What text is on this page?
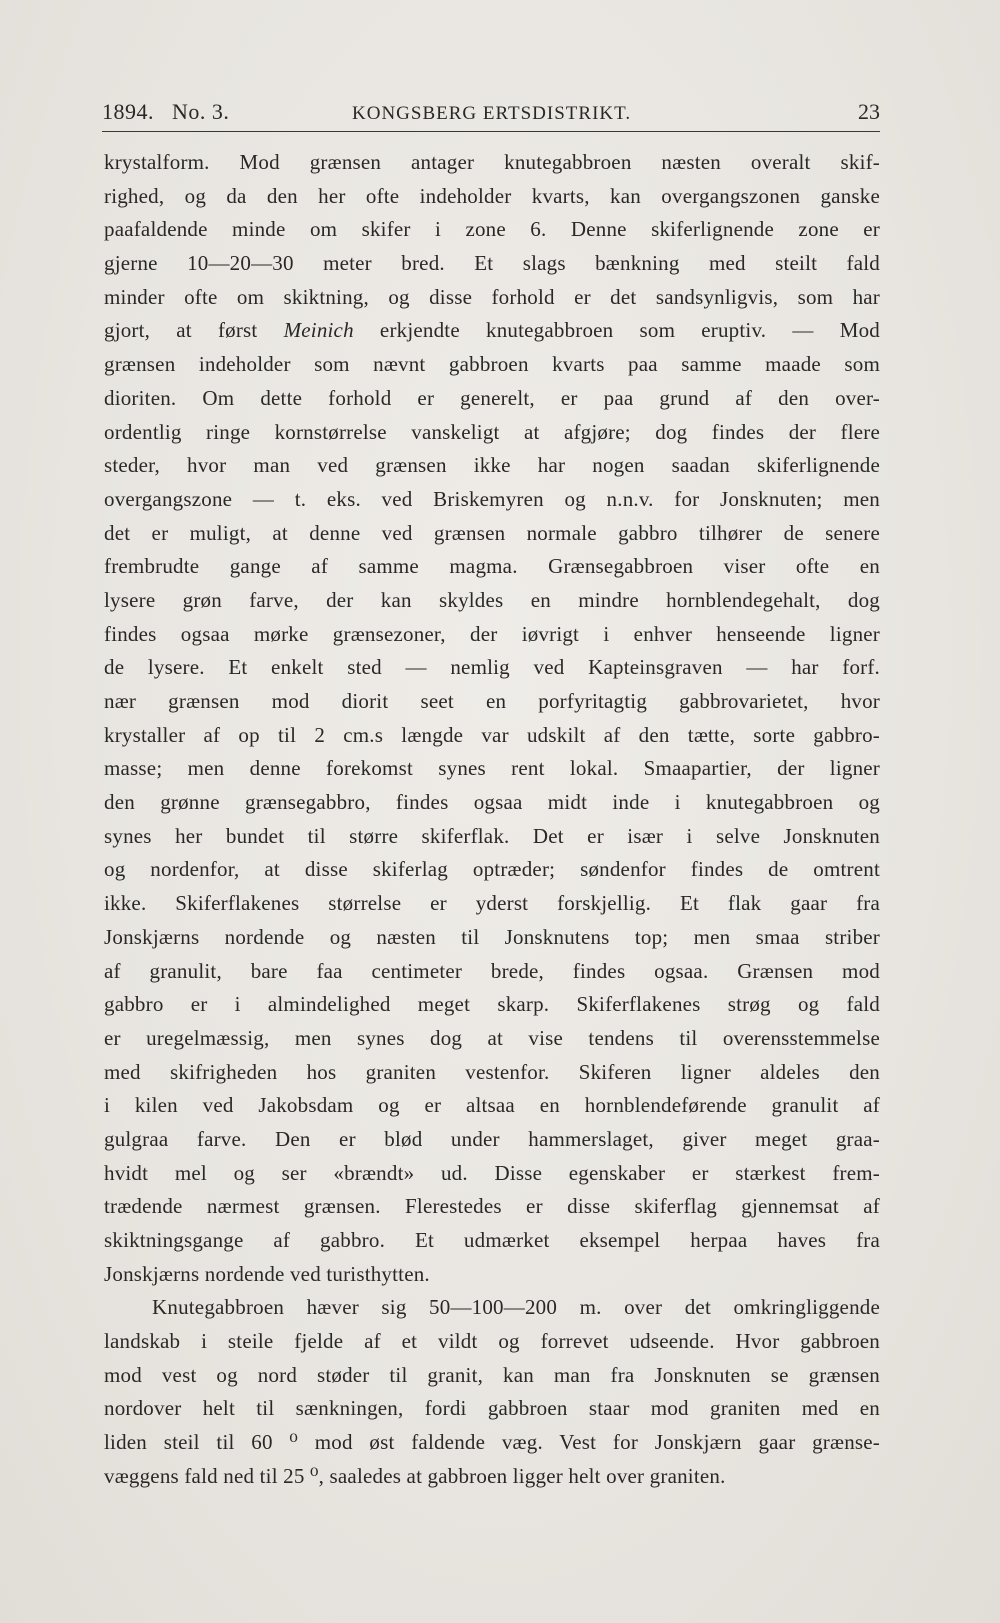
1894. No. 3.	KONGSBERG ERTSDISTRIKT.	23
krystalform. Mod grænsen antager knutegabbroen næsten overalt skif-
righed, og da den her ofte indeholder kvarts, kan overgangszonen ganske
paafaldende minde om skifer i zone 6. Denne skiferlignende zone er
gjerne 10—20—30 meter bred. Et slags bænkning med steilt fald
minder ofte om skiktning, og disse forhold er det sandsynligvis, som har
gjort, at først Meinich erkjendte knutegabbroen som eruptiv. — Mod
grænsen indeholder som nævnt gabbroen kvarts paa samme maade som
dioriten. Om dette forhold er generelt, er paa grund af den over-
ordentlig ringe kornstørrelse vanskeligt at afgjøre; dog findes der flere
steder, hvor man ved grænsen ikke har nogen saadan skiferlignende
overgangszone — t. eks. ved Briskemyren og n.n.v. for Jonsknuten; men
det er muligt, at denne ved grænsen normale gabbro tilhører de senere
frembrudte gange af samme magma. Grænsegabbroen viser ofte en
lysere grøn farve, der kan skyldes en mindre hornblendegehalt, dog
findes ogsaa mørke grænsezoner, der iøvrigt i enhver henseende ligner
de lysere. Et enkelt sted — nemlig ved Kapteinsgraven — har forf.
nær grænsen mod diorit seet en porfyritagtig gabbrovarietet, hvor
krystaller af op til 2 cm.s længde var udskilt af den tætte, sorte gabbro-
masse; men denne forekomst synes rent lokal. Smaapartier, der ligner
den grønne grænsegabbro, findes ogsaa midt inde i knutegabbroen og
synes her bundet til større skiferflak. Det er især i selve Jonsknuten
og nordenfor, at disse skiferlag optræder; søndenfor findes de omtrent
ikke. Skiferflakenes størrelse er yderst forskjellig. Et flak gaar fra
Jonskjærns nordende og næsten til Jonsknutens top; men smaa striber
af granulit, bare faa centimeter brede, findes ogsaa. Grænsen mod
gabbro er i almindelighed meget skarp. Skiferflakenes strøg og fald
er uregelmæssig, men synes dog at vise tendens til overensstemmelse
med skifrigheden hos graniten vestenfor. Skiferen ligner aldeles den
i kilen ved Jakobsdam og er altsaa en hornblendeførende granulit af
gulgraa farve. Den er blød under hammerslaget, giver meget graa-
hvidt mel og ser «brændt» ud. Disse egenskaber er stærkest frem-
trædende nærmest grænsen. Flerestedes er disse skiferflag gjennemsat af
skiktningsgange af gabbro. Et udmærket eksempel herpaa haves fra
Jonskjærns nordende ved turisthytten.
Knutegabbroen hæver sig 50—100—200 m. over det omkringliggende
landskab i steile fjelde af et vildt og forrevet udseende. Hvor gabbroen
mod vest og nord støder til granit, kan man fra Jonsknuten se grænsen
nordover helt til sænkningen, fordi gabbroen staar mod graniten med en
liden steil til 60 ⁰ mod øst faldende væg. Vest for Jonskjærn gaar grænse-
væggens fald ned til 25 ⁰, saaledes at gabbroen ligger helt over graniten.
